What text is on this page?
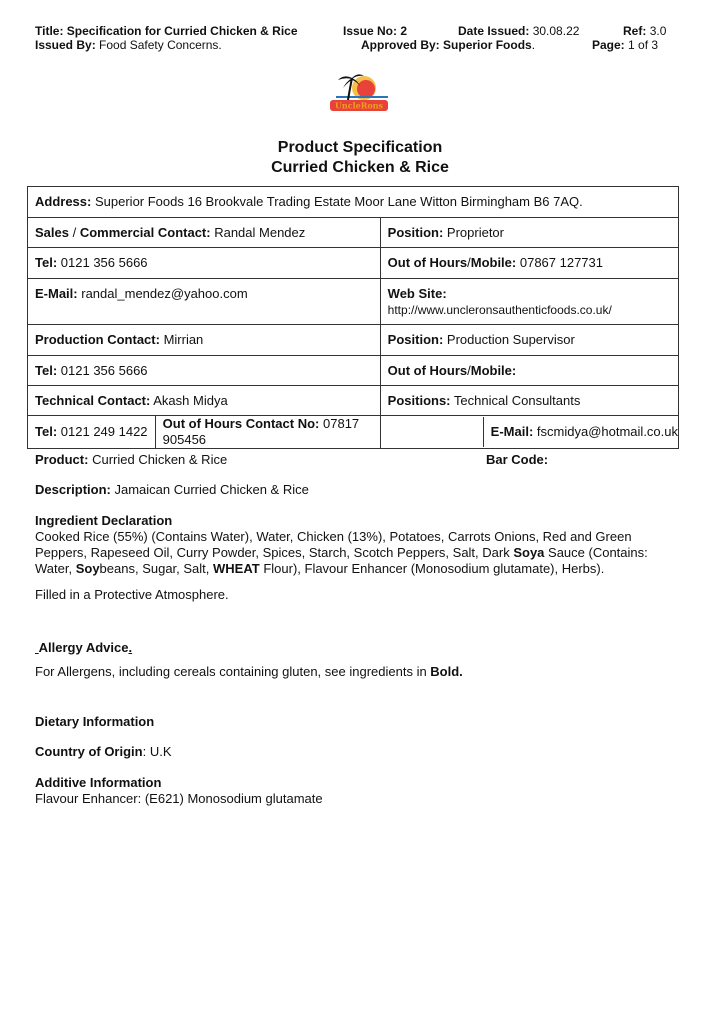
Title: Specification for Curried Chicken & Rice	Issue No: 2	Date Issued: 30.08.22	Ref: 3.0
Issued By: Food Safety Concerns.	Approved By: Superior Foods.	Page: 1 of 3
UncleRons
Product Specification
Curried Chicken & Rice
Address: Superior Foods 16 Brookvale Trading Estate Moor Lane Witton Birmingham B6 7AQ.		
Sales / Commercial Contact: Randal Mendez		Position: Proprietor
Tel: 0121 356 5666		Out of Hours/Mobile: 07867 127731
E-Mail: randal_mendez@yahoo.com		Web Site:
http://www.uncleronsauthenticfoods.co.uk/

Production Contact: Mirrian		Position: Production Supervisor
Tel: 0121 356 5666		Out of Hours/Mobile:
Technical Contact: Akash Midya		Positions: Technical Consultants
Tel: 0121 249 1422	Out of Hours Contact No: 07817 905456	E-Mail: fscmidya@hotmail.co.uk
Product: Curried Chicken & Rice	Bar Code:
Description: Jamaican Curried Chicken & Rice
Ingredient Declaration
Cooked Rice (55%) (Contains Water), Water, Chicken (13%), Potatoes, Carrots Onions, Red and Green Peppers, Rapeseed Oil, Curry Powder, Spices, Starch, Scotch Peppers, Salt, Dark Soya Sauce (Contains: Water, Soybeans, Sugar, Salt, WHEAT Flour), Flavour Enhancer (Monosodium glutamate), Herbs).
Filled in a Protective Atmosphere.
Allergy Advice.
For Allergens, including cereals containing gluten, see ingredients in Bold.
Dietary Information
Country of Origin: U.K
Additive Information
Flavour Enhancer: (E621) Monosodium glutamate
